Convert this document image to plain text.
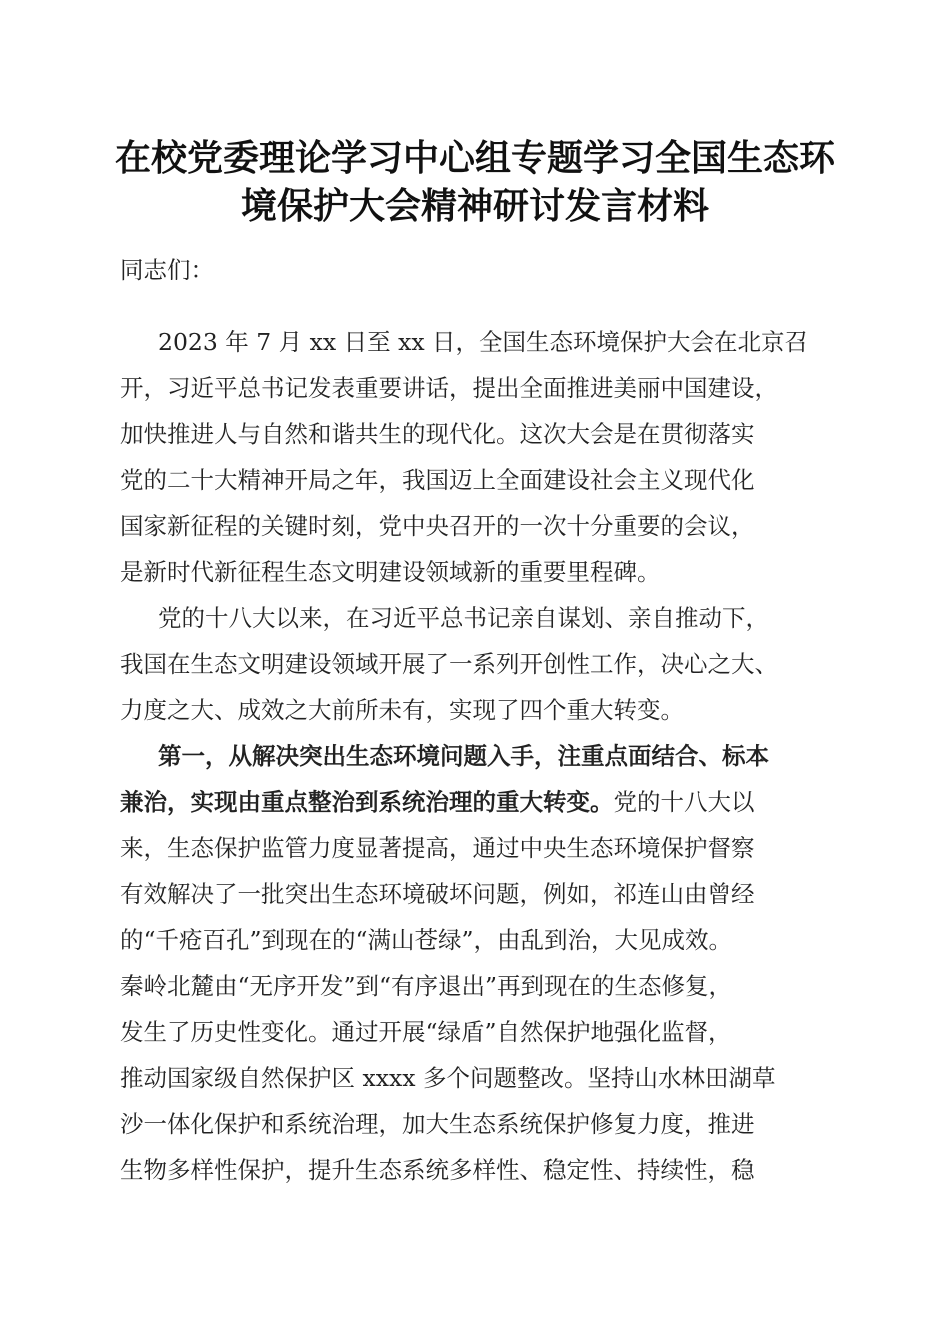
在校党委理论学习中心组专题学习全国生态环
境保护大会精神研讨发言材料
同志们：
2023 年 7 月 xx 日至 xx 日，全国生态环境保护大会在北京召
开，习近平总书记发表重要讲话，提出全面推进美丽中国建设，
加快推进人与自然和谐共生的现代化。这次大会是在贯彻落实
党的二十大精神开局之年，我国迈上全面建设社会主义现代化
国家新征程的关键时刻，党中央召开的一次十分重要的会议，
是新时代新征程生态文明建设领域新的重要里程碑。
党的十八大以来，在习近平总书记亲自谋划、亲自推动下，
我国在生态文明建设领域开展了一系列开创性工作，决心之大、
力度之大、成效之大前所未有，实现了四个重大转变。
第一，从解决突出生态环境问题入手，注重点面结合、标本
兼治，实现由重点整治到系统治理的重大转变。党的十八大以
来，生态保护监管力度显著提高，通过中央生态环境保护督察
有效解决了一批突出生态环境破坏问题，例如，祁连山由曾经
的“千疮百孔”到现在的“满山苍绿”，由乱到治，大见成效。
秦岭北麓由“无序开发”到“有序退出”再到现在的生态修复，
发生了历史性变化。通过开展“绿盾”自然保护地强化监督，
推动国家级自然保护区 xxxx 多个问题整改。坚持山水林田湖草
沙一体化保护和系统治理，加大生态系统保护修复力度，推进
生物多样性保护，提升生态系统多样性、稳定性、持续性，稳
